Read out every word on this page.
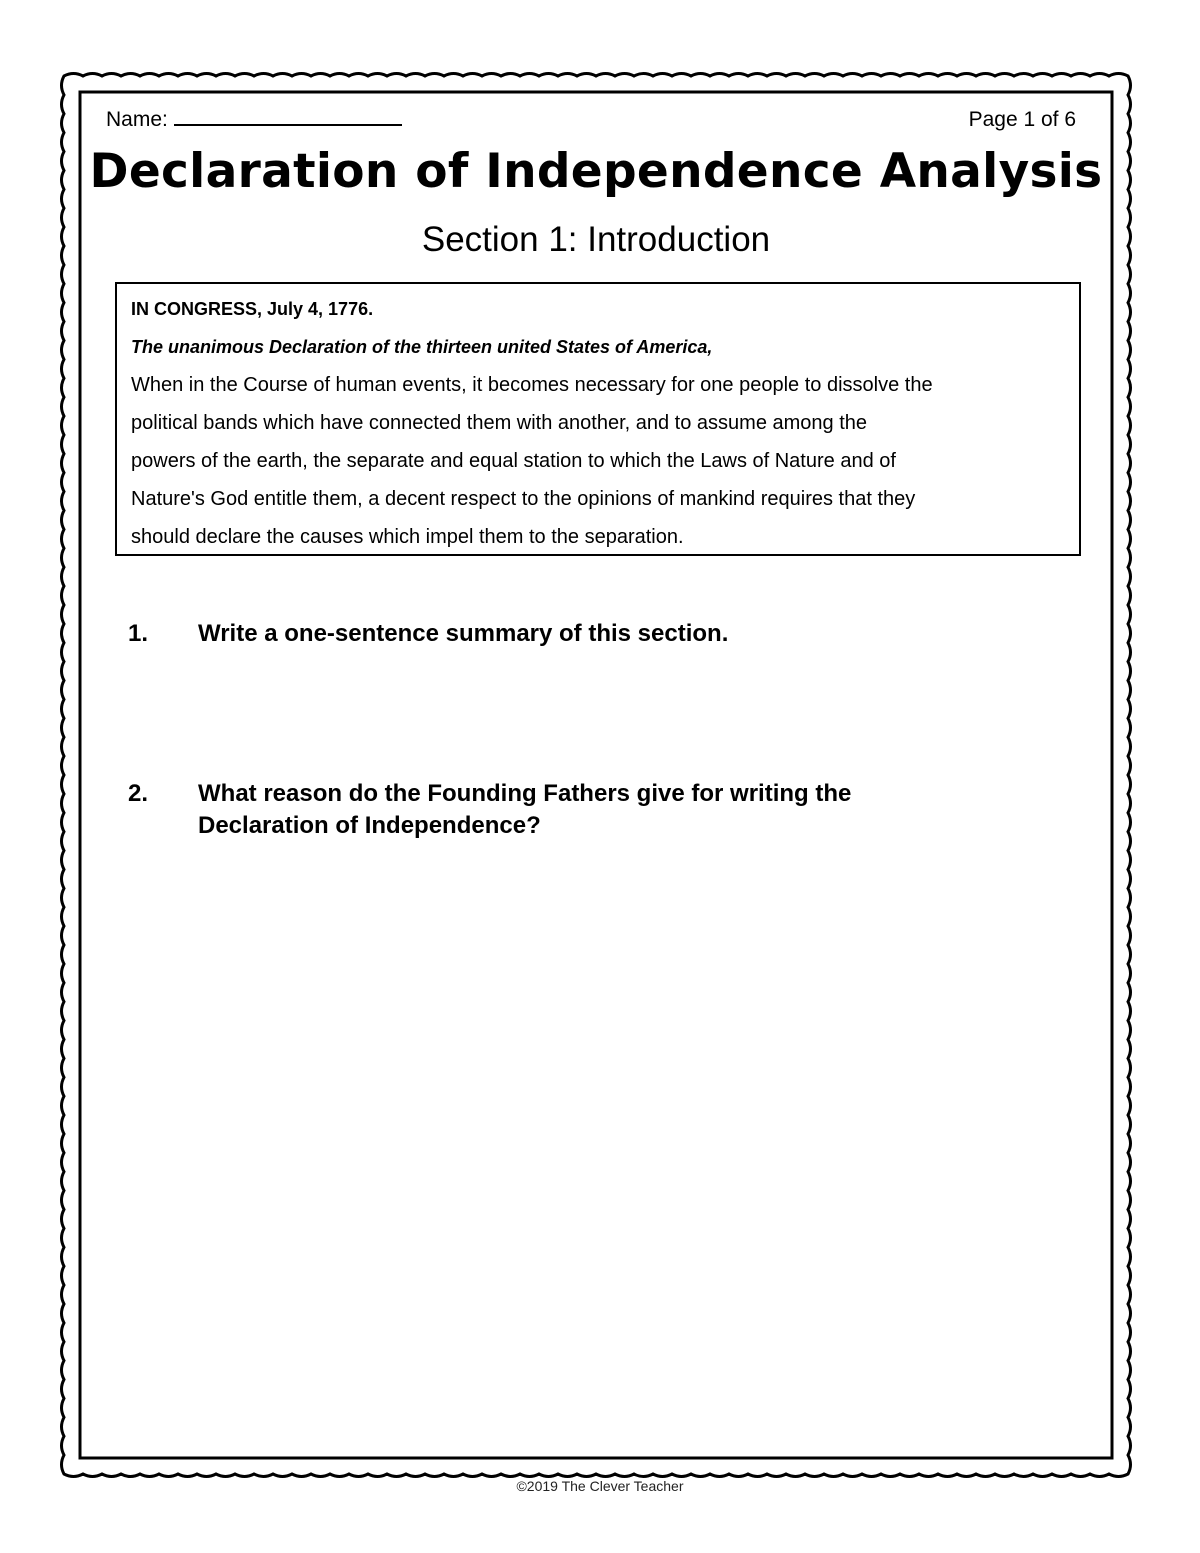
Name:	Page 1 of 6
Declaration of Independence Analysis
Section 1: Introduction
IN CONGRESS, July 4, 1776.
The unanimous Declaration of the thirteen united States of America,
When in the Course of human events, it becomes necessary for one people to dissolve the
political bands which have connected them with another, and to assume among the
powers of the earth, the separate and equal station to which the Laws of Nature and of
Nature's God entitle them, a decent respect to the opinions of mankind requires that they
should declare the causes which impel them to the separation.
1.	Write a one-sentence summary of this section.
2.	What reason do the Founding Fathers give for writing the Declaration of Independence?
©2019 The Clever Teacher
